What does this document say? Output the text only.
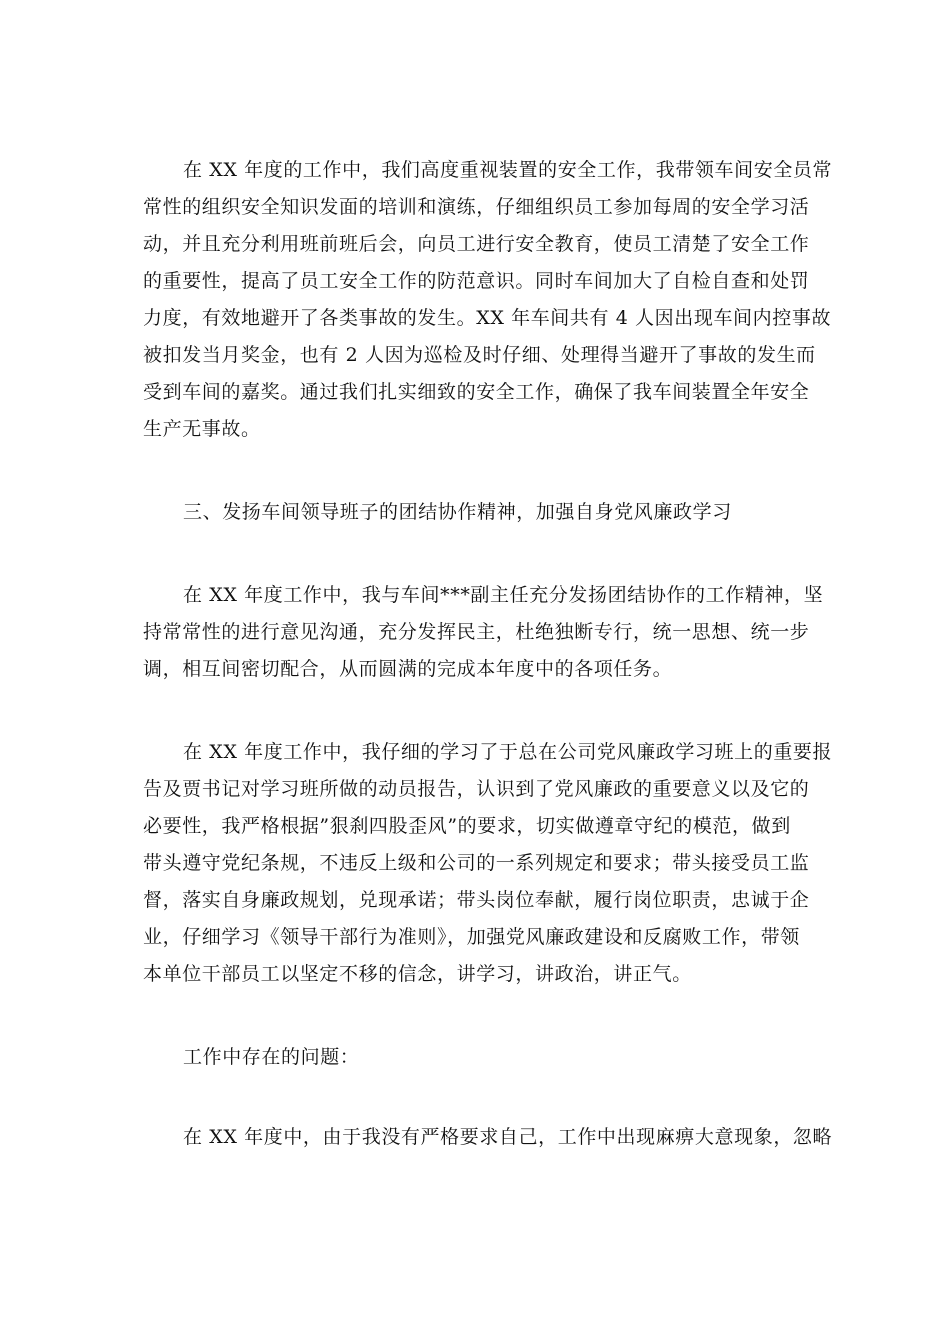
在 XX 年度的工作中，我们高度重视装置的安全工作，我带领车间安全员常
常性的组织安全知识发面的培训和演练，仔细组织员工参加每周的安全学习活
动，并且充分利用班前班后会，向员工进行安全教育，使员工清楚了安全工作
的重要性，提高了员工安全工作的防范意识。同时车间加大了自检自查和处罚
力度，有效地避开了各类事故的发生。XX 年车间共有 4 人因出现车间内控事故
被扣发当月奖金，也有 2 人因为巡检及时仔细、处理得当避开了事故的发生而
受到车间的嘉奖。通过我们扎实细致的安全工作，确保了我车间装置全年安全
生产无事故。
三、发扬车间领导班子的团结协作精神，加强自身党风廉政学习
在 XX 年度工作中，我与车间***副主任充分发扬团结协作的工作精神，坚
持常常性的进行意见沟通，充分发挥民主，杜绝独断专行，统一思想、统一步
调，相互间密切配合，从而圆满的完成本年度中的各项任务。
在 XX 年度工作中，我仔细的学习了于总在公司党风廉政学习班上的重要报
告及贾书记对学习班所做的动员报告，认识到了党风廉政的重要意义以及它的
必要性，我严格根据”狠刹四股歪风”的要求，切实做遵章守纪的模范，做到
带头遵守党纪条规，不违反上级和公司的一系列规定和要求；带头接受员工监
督，落实自身廉政规划，兑现承诺；带头岗位奉献，履行岗位职责，忠诚于企
业，仔细学习《领导干部行为准则》，加强党风廉政建设和反腐败工作，带领
本单位干部员工以坚定不移的信念，讲学习，讲政治，讲正气。
工作中存在的问题：
在 XX 年度中，由于我没有严格要求自己，工作中出现麻痹大意现象，忽略
